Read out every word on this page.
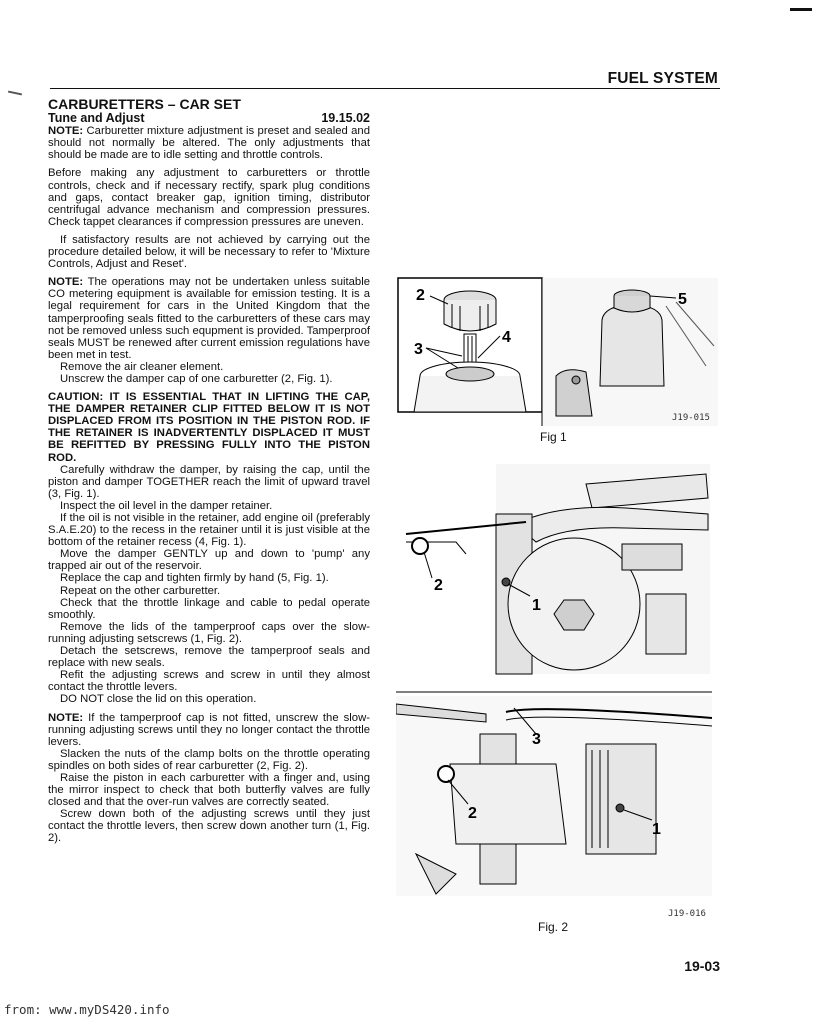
FUEL SYSTEM
CARBURETTERS – CAR SET
Tune and Adjust	19.15.02

NOTE: Carburetter mixture adjustment is preset and sealed and should not normally be altered. The only adjustments that should be made are to idle setting and throttle controls.

Before making any adjustment to carburetters or throttle controls, check and if necessary rectify, spark plug conditions and gaps, contact breaker gap, ignition timing, distributor centrifugal advance mechanism and compression pressures. Check tappet clearances if compression pressures are uneven.

If satisfactory results are not achieved by carrying out the procedure detailed below, it will be necessary to refer to 'Mixture Controls, Adjust and Reset'.

NOTE: The operations may not be undertaken unless suitable CO metering equipment is available for emission testing. It is a legal requirement for cars in the United Kingdom that the tamperproofing seals fitted to the carburetters of these cars may not be removed unless such equpment is provided. Tamperproof seals MUST be renewed after current emission regulations have been met in test.

Remove the air cleaner element.

Unscrew the damper cap of one carburetter (2, Fig. 1).

CAUTION: IT IS ESSENTIAL THAT IN LIFTING THE CAP, THE DAMPER RETAINER CLIP FITTED BELOW IT IS NOT DISPLACED FROM ITS POSITION IN THE PISTON ROD. IF THE RETAINER IS INADVERTENTLY DISPLACED IT MUST BE REFITTED BY PRESSING FULLY INTO THE PISTON ROD.

Carefully withdraw the damper, by raising the cap, until the piston and damper TOGETHER reach the limit of upward travel (3, Fig. 1).

Inspect the oil level in the damper retainer.

If the oil is not visible in the retainer, add engine oil (preferably S.A.E.20) to the recess in the retainer until it is just visible at the bottom of the retainer recess (4, Fig. 1).

Move the damper GENTLY up and down to 'pump' any trapped air out of the reservoir.

Replace the cap and tighten firmly by hand (5, Fig. 1).

Repeat on the other carburetter.

Check that the throttle linkage and cable to pedal operate smoothly.

Remove the lids of the tamperproof caps over the slow-running adjusting setscrews (1, Fig. 2).

Detach the setscrews, remove the tamperproof seals and replace with new seals.

Refit the adjusting screws and screw in until they almost contact the throttle levers.

DO NOT close the lid on this operation.

NOTE: If the tamperproof cap is not fitted, unscrew the slow-running adjusting screws until they no longer contact the throttle levers.

Slacken the nuts of the clamp bolts on the throttle operating spindles on both sides of rear carburetter (2, Fig. 2).

Raise the piston in each carburetter with a finger and, using the mirror inspect to check that both butterfly valves are fully closed and that the over-run valves are correctly seated.

Screw down both of the adjusting screws until they just contact the throttle levers, then screw down another turn (1, Fig. 2).

2
3
4
5
J19-015
Fig 1
2
1
3
2
1
J19-016
Fig. 2
19-03
from: www.myDS420.info
